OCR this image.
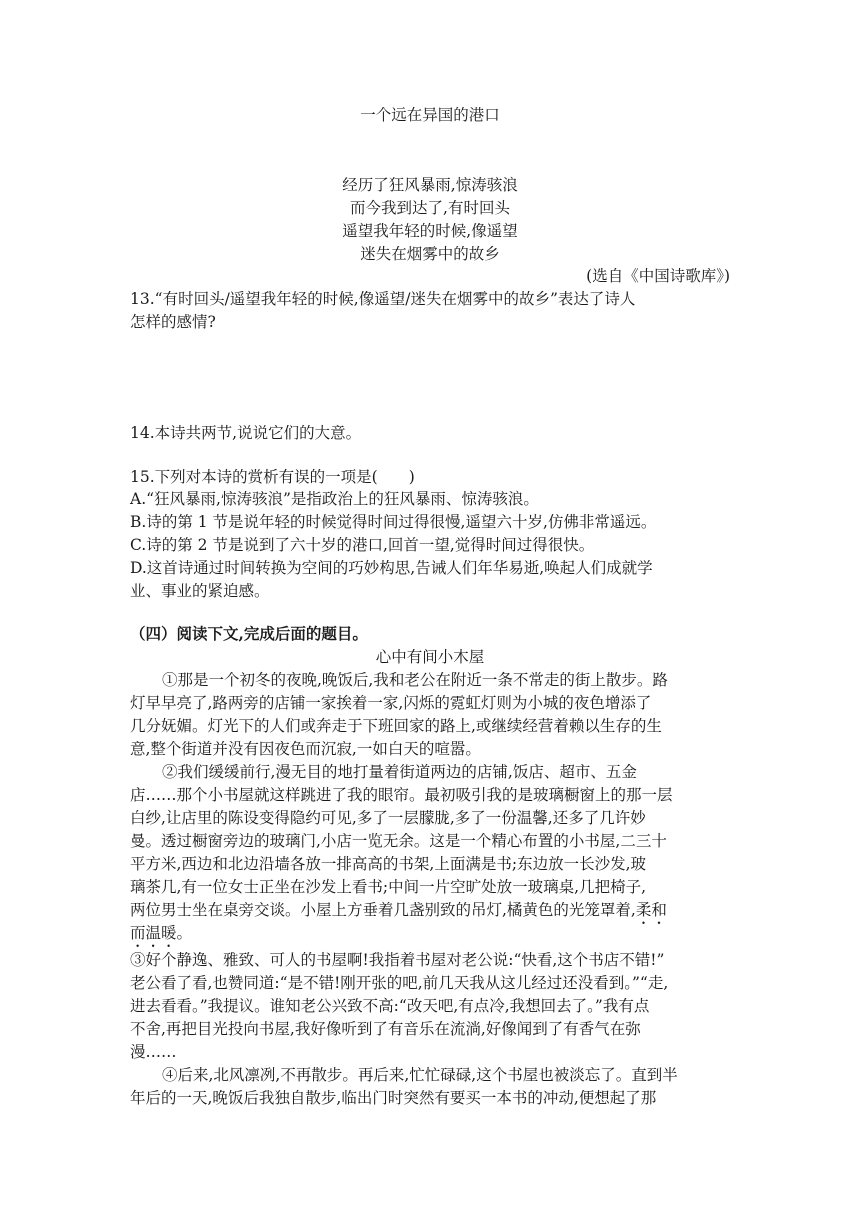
一个远在异国的港口
经历了狂风暴雨,惊涛骇浪
而今我到达了,有时回头
遥望我年轻的时候,像遥望
迷失在烟雾中的故乡
(选自《中国诗歌库》)
13.“有时回头/遥望我年轻的时候,像遥望/迷失在烟雾中的故乡”表达了诗人
怎样的感情?
14.本诗共两节,说说它们的大意。
15.下列对本诗的赏析有误的一项是(　　)
A.“狂风暴雨,惊涛骇浪”是指政治上的狂风暴雨、惊涛骇浪。
B.诗的第 1 节是说年轻的时候觉得时间过得很慢,遥望六十岁,仿佛非常遥远。
C.诗的第 2 节是说到了六十岁的港口,回首一望,觉得时间过得很快。
D.这首诗通过时间转换为空间的巧妙构思,告诫人们年华易逝,唤起人们成就学
业、事业的紧迫感。
（四）阅读下文,完成后面的题目。
心中有间小木屋
①那是一个初冬的夜晚,晚饭后,我和老公在附近一条不常走的街上散步。路
灯早早亮了,路两旁的店铺一家挨着一家,闪烁的霓虹灯则为小城的夜色增添了
几分妩媚。灯光下的人们或奔走于下班回家的路上,或继续经营着赖以生存的生
意,整个街道并没有因夜色而沉寂,一如白天的喧嚣。
②我们缓缓前行,漫无目的地打量着街道两边的店铺,饭店、超市、五金
店……那个小书屋就这样跳进了我的眼帘。最初吸引我的是玻璃橱窗上的那一层
白纱,让店里的陈设变得隐约可见,多了一层朦胧,多了一份温馨,还多了几许妙
曼。透过橱窗旁边的玻璃门,小店一览无余。这是一个精心布置的小书屋,二三十
平方米,西边和北边沿墙各放一排高高的书架,上面满是书;东边放一长沙发,玻
璃茶几,有一位女士正坐在沙发上看书;中间一片空旷处放一玻璃桌,几把椅子,
两位男士坐在桌旁交谈。小屋上方垂着几盏别致的吊灯,橘黄色的光笼罩着,柔和
而温暖。
③好个静逸、雅致、可人的书屋啊!我指着书屋对老公说:“快看,这个书店不错!”
老公看了看,也赞同道:“是不错!刚开张的吧,前几天我从这儿经过还没看到。”“走,
进去看看。”我提议。谁知老公兴致不高:“改天吧,有点冷,我想回去了。”我有点
不舍,再把目光投向书屋,我好像听到了有音乐在流淌,好像闻到了有香气在弥
漫……
④后来,北风凛冽,不再散步。再后来,忙忙碌碌,这个书屋也被淡忘了。直到半
年后的一天,晚饭后我独自散步,临出门时突然有要买一本书的冲动,便想起了那
